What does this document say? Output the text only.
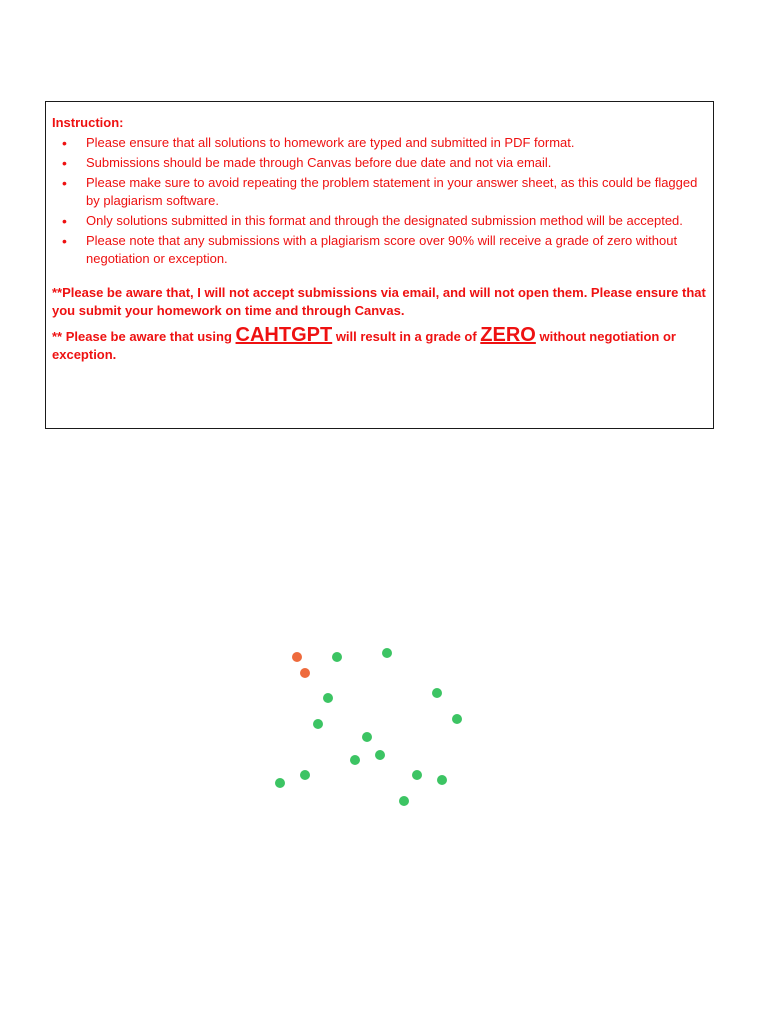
Instruction:
• Please ensure that all solutions to homework are typed and submitted in PDF format.
• Submissions should be made through Canvas before due date and not via email.
• Please make sure to avoid repeating the problem statement in your answer sheet, as this could be flagged by plagiarism software.
• Only solutions submitted in this format and through the designated submission method will be accepted.
• Please note that any submissions with a plagiarism score over 90% will receive a grade of zero without negotiation or exception.

**Please be aware that, I will not accept submissions via email, and will not open them. Please ensure that you submit your homework on time and through Canvas.

** Please be aware that using CAHTGPT will result in a grade of ZERO without negotiation or exception.
